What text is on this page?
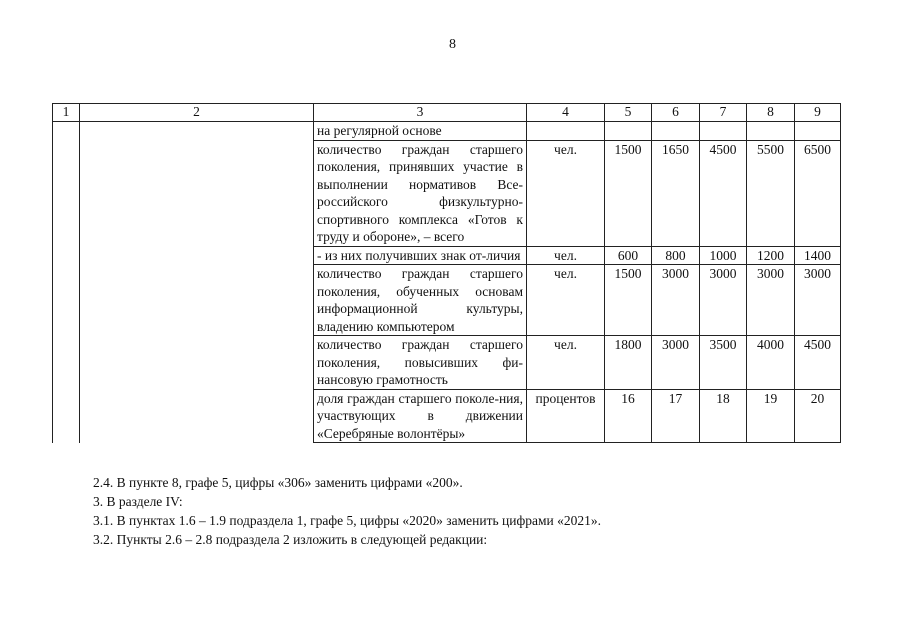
8
1	2	3	4	5	6	7	8	9
		на регулярной основе						
		количество граждан старшего поколения, принявших участие в выполнении нормативов Все-российского физкультурно-спортивного комплекса «Готов к труду и обороне», – всего	чел.	1500	1650	4500	5500	6500
		- из них получивших знак от-личия	чел.	600	800	1000	1200	1400
		количество граждан старшего поколения, обученных основам информационной культуры, владению компьютером	чел.	1500	3000	3000	3000	3000
		количество граждан старшего поколения, повысивших фи-нансовую грамотность	чел.	1800	3000	3500	4000	4500
		доля граждан старшего поколе-ния, участвующих в движении «Серебряные волонтёры»	процентов	16	17	18	19	20

2.4. В пункте 8, графе 5, цифры «306» заменить цифрами «200».

3. В разделе IV:

3.1. В пунктах 1.6 – 1.9 подраздела 1, графе 5, цифры «2020» заменить цифрами «2021».

3.2. Пункты 2.6 – 2.8 подраздела 2 изложить в следующей редакции:
